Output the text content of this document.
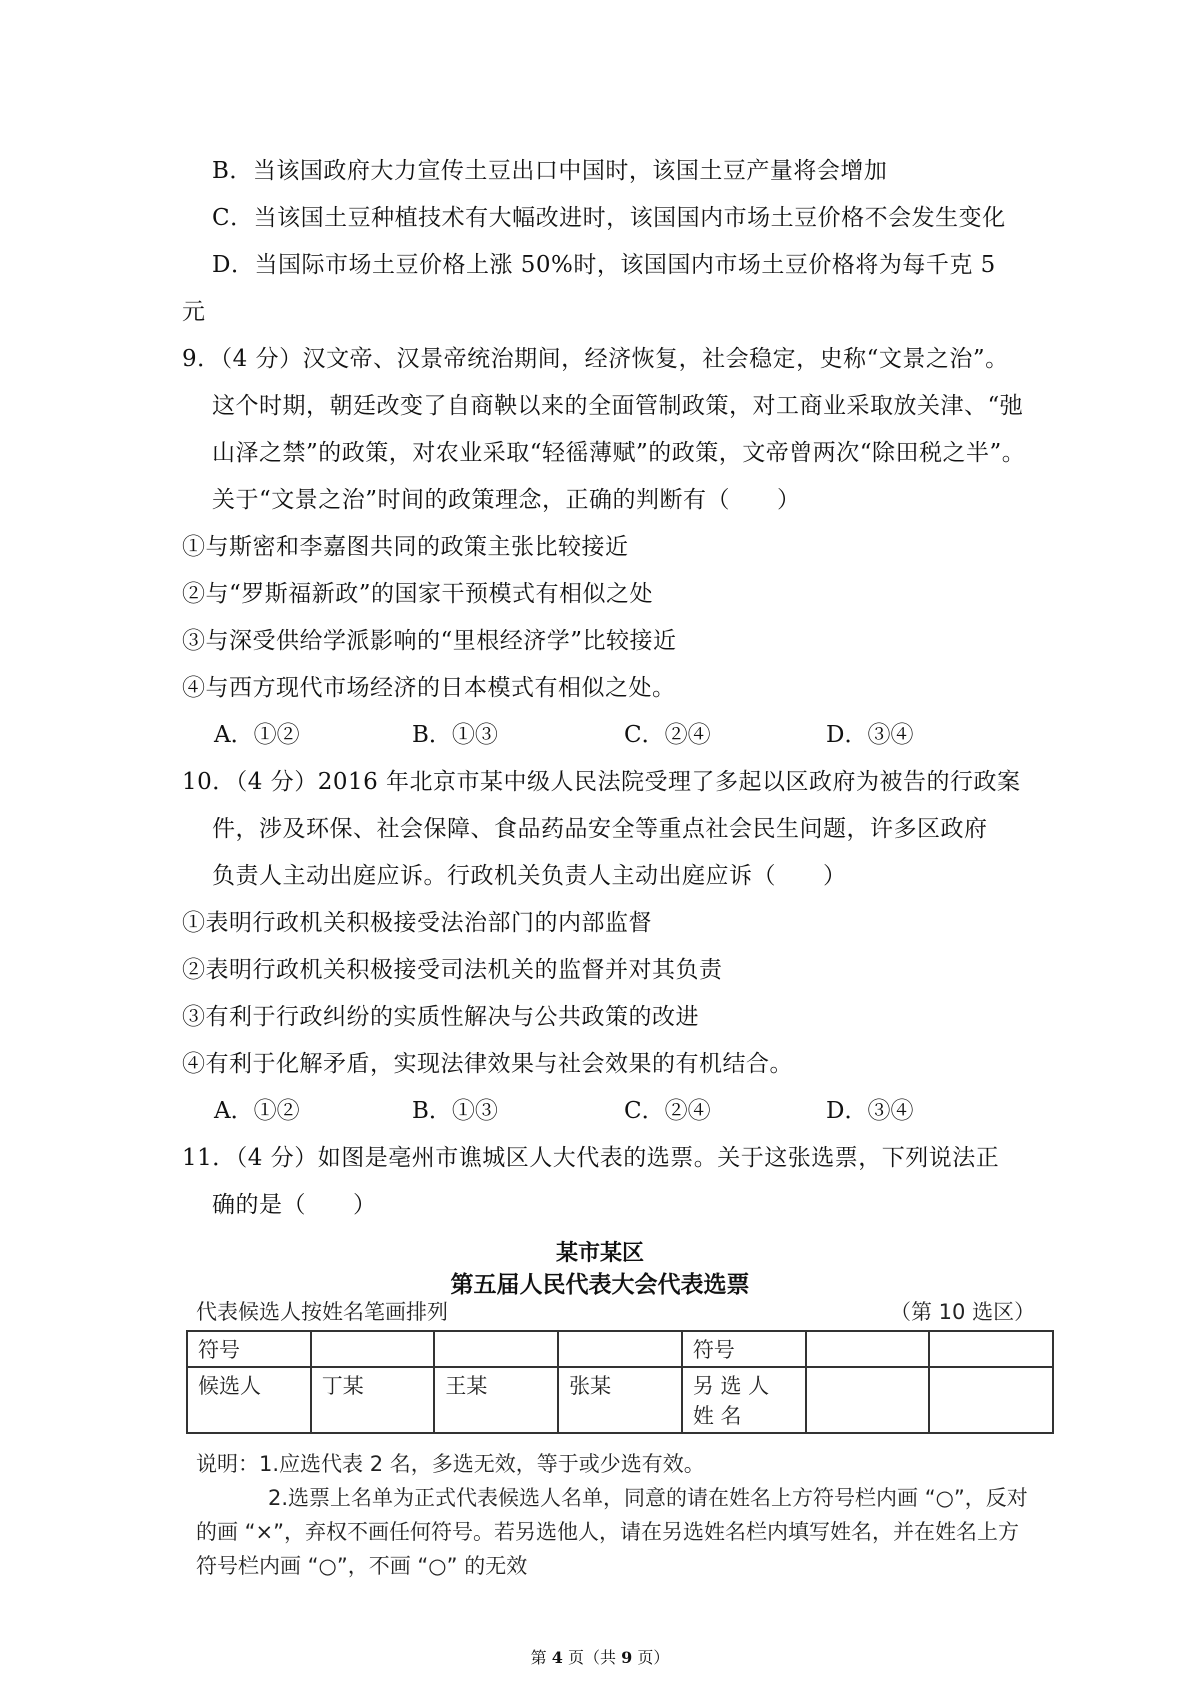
B．当该国政府大力宣传土豆出口中国时，该国土豆产量将会增加
C．当该国土豆种植技术有大幅改进时，该国国内市场土豆价格不会发生变化
D．当国际市场土豆价格上涨 50%时，该国国内市场土豆价格将为每千克 5
元
9．（4 分）汉文帝、汉景帝统治期间，经济恢复，社会稳定，史称“文景之治”。
这个时期，朝廷改变了自商鞅以来的全面管制政策，对工商业采取放关津、“弛
山泽之禁”的政策，对农业采取“轻徭薄赋”的政策，文帝曾两次“除田税之半”。
关于“文景之治”时间的政策理念，正确的判断有（　　）
①与斯密和李嘉图共同的政策主张比较接近
②与“罗斯福新政”的国家干预模式有相似之处
③与深受供给学派影响的“里根经济学”比较接近
④与西方现代市场经济的日本模式有相似之处。
A．①②	B．①③	C．②④	D．③④
10．（4 分）2016 年北京市某中级人民法院受理了多起以区政府为被告的行政案
件，涉及环保、社会保障、食品药品安全等重点社会民生问题，许多区政府
负责人主动出庭应诉。行政机关负责人主动出庭应诉（　　）
①表明行政机关积极接受法治部门的内部监督
②表明行政机关积极接受司法机关的监督并对其负责
③有利于行政纠纷的实质性解决与公共政策的改进
④有利于化解矛盾，实现法律效果与社会效果的有机结合。
A．①②	B．①③	C．②④	D．③④
11．（4 分）如图是亳州市谯城区人大代表的选票。关于这张选票，下列说法正
确的是（　　）
某市某区
第五届人民代表大会代表选票
代表候选人按姓名笔画排列	（第 10 选区）
符号				符号		
候选人	丁某	王某	张某	另 选 人 姓 名		
说明：1.应选代表 2 名，多选无效，等于或少选有效。
2.选票上名单为正式代表候选人名单，同意的请在姓名上方符号栏内画 “○”，反对
的画 “×”，弃权不画任何符号。若另选他人，请在另选姓名栏内填写姓名，并在姓名上方
符号栏内画 “○”，不画 “○” 的无效
第 4 页（共 9 页）
